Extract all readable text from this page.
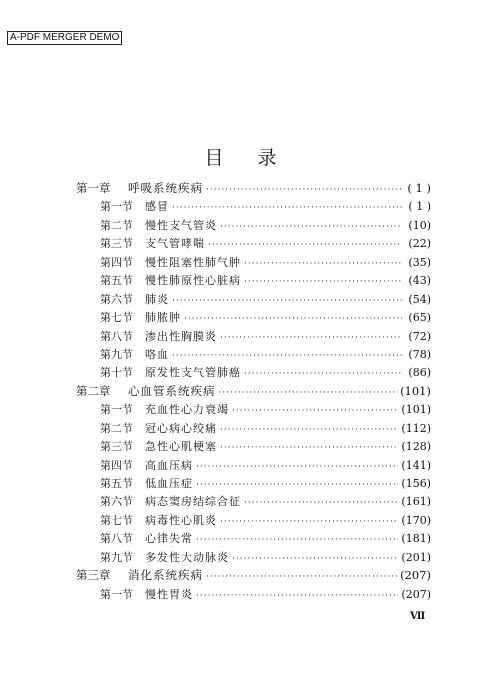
A-PDF MERGER DEMO
目录
第一章	呼吸系统疾病 ·····	( 1 )
第一节	感冒 ·····	( 1 )
第二节	慢性支气管炎 ·····	(10)
第三节	支气管哮喘 ·····	(22)
第四节	慢性阻塞性肺气肿 ·····	(35)
第五节	慢性肺原性心脏病 ·····	(43)
第六节	肺炎 ·····	(54)
第七节	肺脓肿 ·····	(65)
第八节	渗出性胸膜炎 ·····	(72)
第九节	咯血 ·····	(78)
第十节	原发性支气管肺癌 ·····	(86)
第二章	心血管系统疾病 ·····	(101)
第一节	充血性心力衰竭 ·····	(101)
第二节	冠心病心绞痛 ·····	(112)
第三节	急性心肌梗塞 ·····	(128)
第四节	高血压病 ·····	(141)
第五节	低血压症 ·····	(156)
第六节	病态窦房结综合征 ·····	(161)
第七节	病毒性心肌炎 ·····	(170)
第八节	心律失常 ·····	(181)
第九节	多发性大动脉炎 ·····	(201)
第三章	消化系统疾病 ·····	(207)
第一节	慢性胃炎 ·····	(207)
Ⅶ
